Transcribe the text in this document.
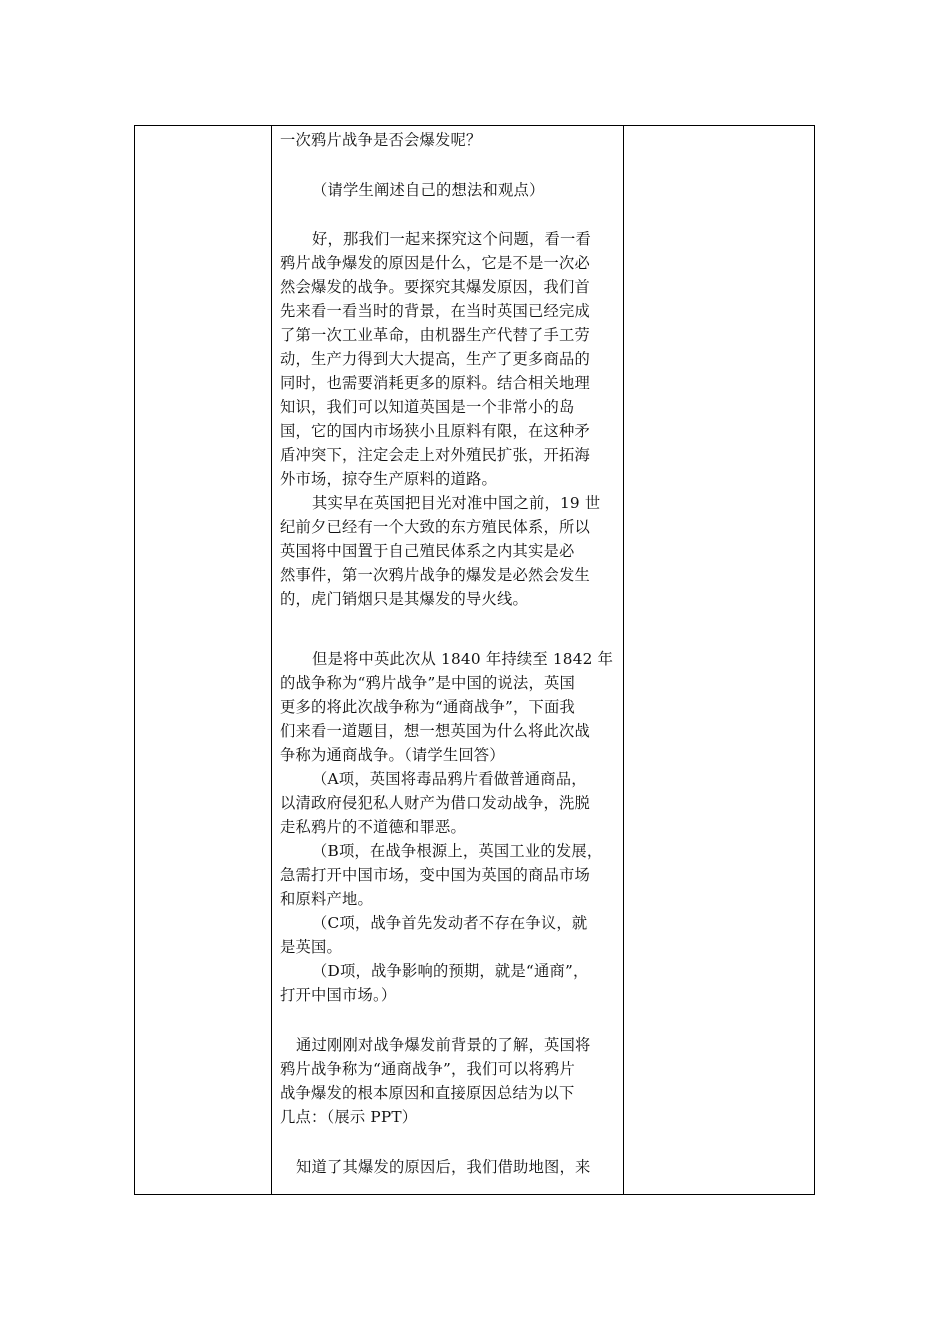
一次鸦片战争是否会爆发呢？
（请学生阐述自己的想法和观点）
好，那我们一起来探究这个问题，看一看
鸦片战争爆发的原因是什么，它是不是一次必
然会爆发的战争。要探究其爆发原因，我们首
先来看一看当时的背景，在当时英国已经完成
了第一次工业革命，由机器生产代替了手工劳
动，生产力得到大大提高，生产了更多商品的
同时，也需要消耗更多的原料。结合相关地理
知识，我们可以知道英国是一个非常小的岛
国，它的国内市场狭小且原料有限，在这种矛
盾冲突下，注定会走上对外殖民扩张，开拓海
外市场，掠夺生产原料的道路。
其实早在英国把目光对准中国之前，19 世
纪前夕已经有一个大致的东方殖民体系，所以
英国将中国置于自己殖民体系之内其实是必
然事件，第一次鸦片战争的爆发是必然会发生
的，虎门销烟只是其爆发的导火线。
但是将中英此次从 1840 年持续至 1842 年
的战争称为“鸦片战争”是中国的说法，英国
更多的将此次战争称为“通商战争”，下面我
们来看一道题目，想一想英国为什么将此次战
争称为通商战争。（请学生回答）
（A项，英国将毒品鸦片看做普通商品，
以清政府侵犯私人财产为借口发动战争，洗脱
走私鸦片的不道德和罪恶。
（B项，在战争根源上，英国工业的发展，
急需打开中国市场，变中国为英国的商品市场
和原料产地。
（C项，战争首先发动者不存在争议，就
是英国。
（D项，战争影响的预期，就是“通商”，
打开中国市场。）
通过刚刚对战争爆发前背景的了解，英国将
鸦片战争称为“通商战争”，我们可以将鸦片
战争爆发的根本原因和直接原因总结为以下
几点：（展示 PPT）
知道了其爆发的原因后，我们借助地图，来
